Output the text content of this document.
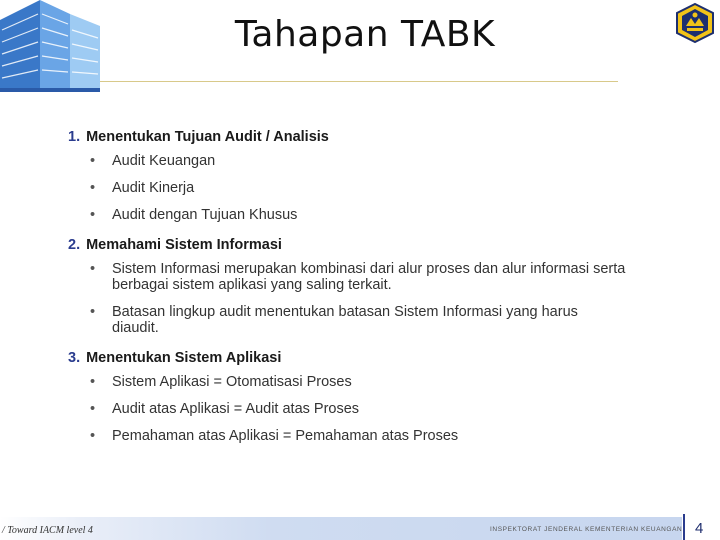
Tahapan TABK
1. Menentukan Tujuan Audit / Analisis
• Audit Keuangan
• Audit Kinerja
• Audit dengan Tujuan Khusus
2. Memahami Sistem Informasi
• Sistem Informasi merupakan kombinasi dari alur proses dan alur informasi serta berbagai sistem aplikasi yang saling terkait.
• Batasan lingkup audit menentukan batasan Sistem Informasi yang harus diaudit.
3. Menentukan Sistem Aplikasi
• Sistem Aplikasi = Otomatisasi Proses
• Audit atas Aplikasi = Audit atas Proses
• Pemahaman atas Aplikasi = Pemahaman atas Proses
/ Toward IACM level 4	INSPEKTORAT JENDERAL KEMENTERIAN KEUANGAN 4
